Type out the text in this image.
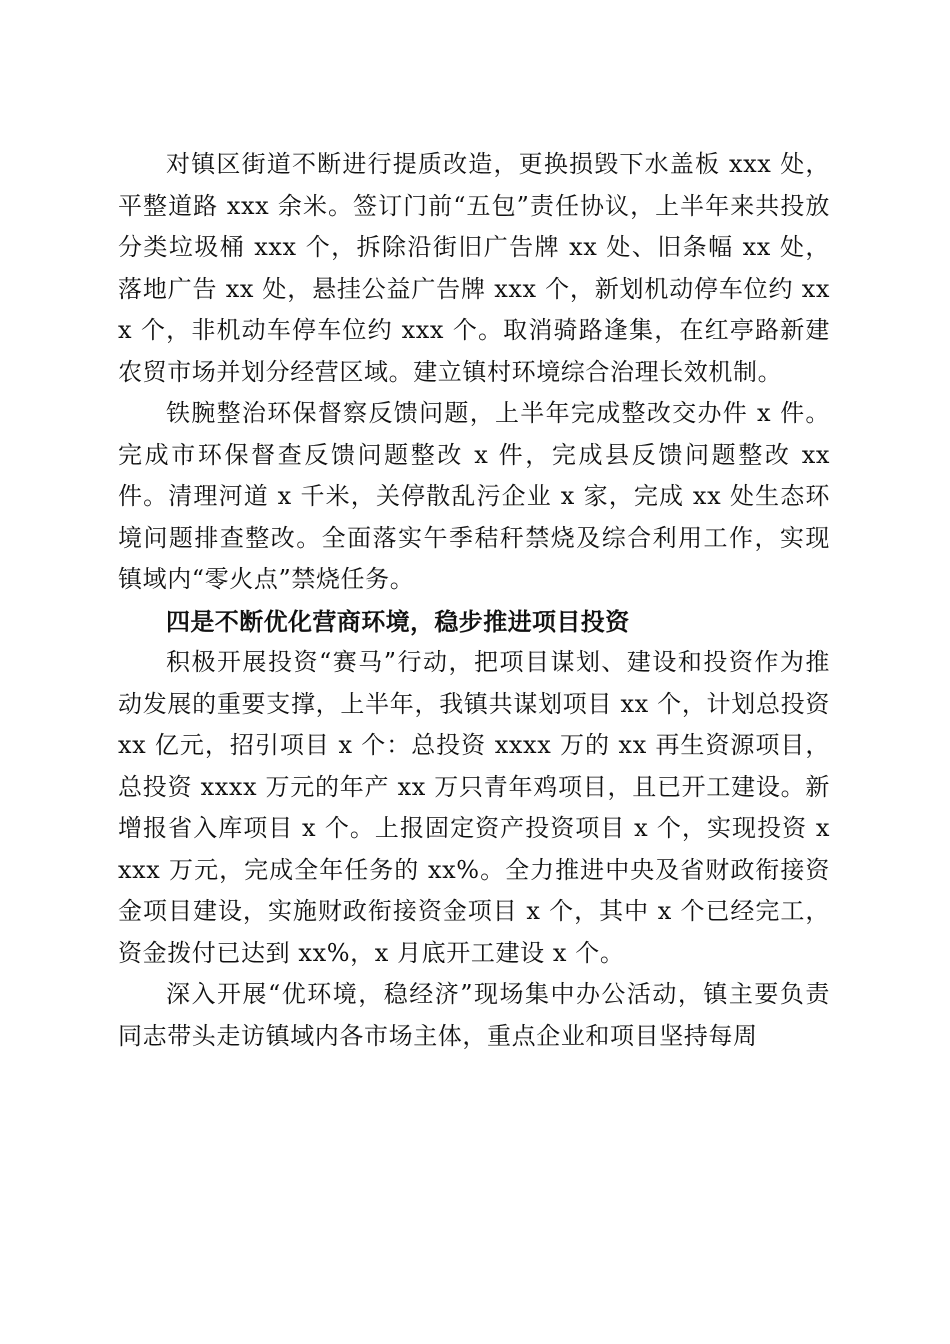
对镇区街道不断进行提质改造，更换损毁下水盖板 xxx 处，平整道路 xxx 余米。签订门前“五包”责任协议，上半年来共投放分类垃圾桶 xxx 个，拆除沿街旧广告牌 xx 处、旧条幅 xx 处，落地广告 xx 处，悬挂公益广告牌 xxx 个，新划机动停车位约 xxx 个，非机动车停车位约 xxx 个。取消骑路逢集，在红亭路新建农贸市场并划分经营区域。建立镇村环境综合治理长效机制。

铁腕整治环保督察反馈问题，上半年完成整改交办件 x 件。完成市环保督查反馈问题整改 x 件，完成县反馈问题整改 xx 件。清理河道 x 千米，关停散乱污企业 x 家，完成 xx 处生态环境问题排查整改。全面落实午季秸秆禁烧及综合利用工作，实现镇域内“零火点”禁烧任务。

四是不断优化营商环境，稳步推进项目投资

积极开展投资“赛马”行动，把项目谋划、建设和投资作为推动发展的重要支撑，上半年，我镇共谋划项目 xx 个，计划总投资 xx 亿元，招引项目 x 个：总投资 xxxx 万的 xx 再生资源项目，总投资 xxxx 万元的年产 xx 万只青年鸡项目，且已开工建设。新增报省入库项目 x 个。上报固定资产投资项目 x 个，实现投资 xxxx 万元，完成全年任务的 xx%。全力推进中央及省财政衔接资金项目建设，实施财政衔接资金项目 x 个，其中 x 个已经完工，资金拨付已达到 xx%，x 月底开工建设 x 个。

深入开展“优环境，稳经济”现场集中办公活动，镇主要负责同志带头走访镇域内各市场主体，重点企业和项目坚持每周
